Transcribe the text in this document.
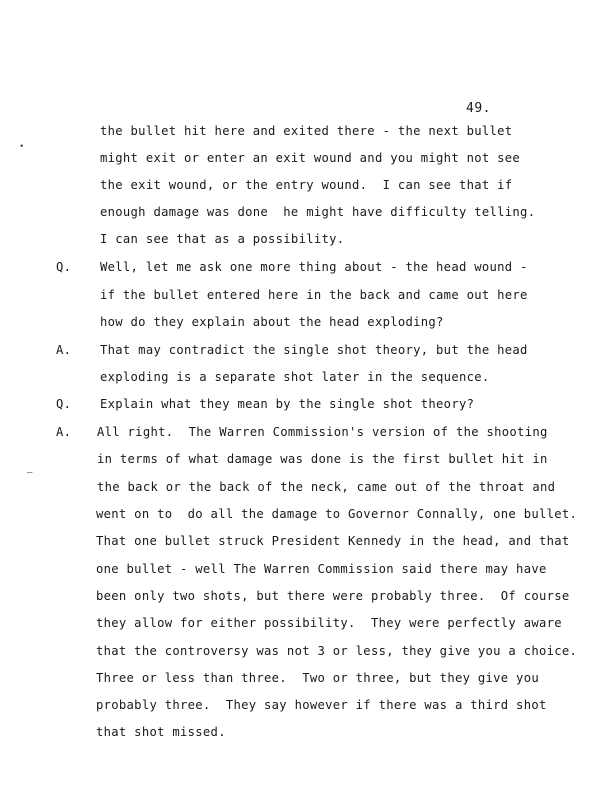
49.
•
—
the bullet hit here and exited there - the next bullet
might exit or enter an exit wound and you might not see
the exit wound, or the entry wound.  I can see that if
enough damage was done  he might have difficulty telling.
I can see that as a possibility.
Q. Well, let me ask one more thing about - the head wound -
if the bullet entered here in the back and came out here
how do they explain about the head exploding?
A. That may contradict the single shot theory, but the head
exploding is a separate shot later in the sequence.
Q. Explain what they mean by the single shot theory?
A. All right.  The Warren Commission's version of the shooting
in terms of what damage was done is the first bullet hit in
the back or the back of the neck, came out of the throat and
went on to  do all the damage to Governor Connally, one bullet.
That one bullet struck President Kennedy in the head, and that
one bullet - well The Warren Commission said there may have
been only two shots, but there were probably three.  Of course
they allow for either possibility.  They were perfectly aware
that the controversy was not 3 or less, they give you a choice.
Three or less than three.  Two or three, but they give you
probably three.  They say however if there was a third shot
that shot missed.
